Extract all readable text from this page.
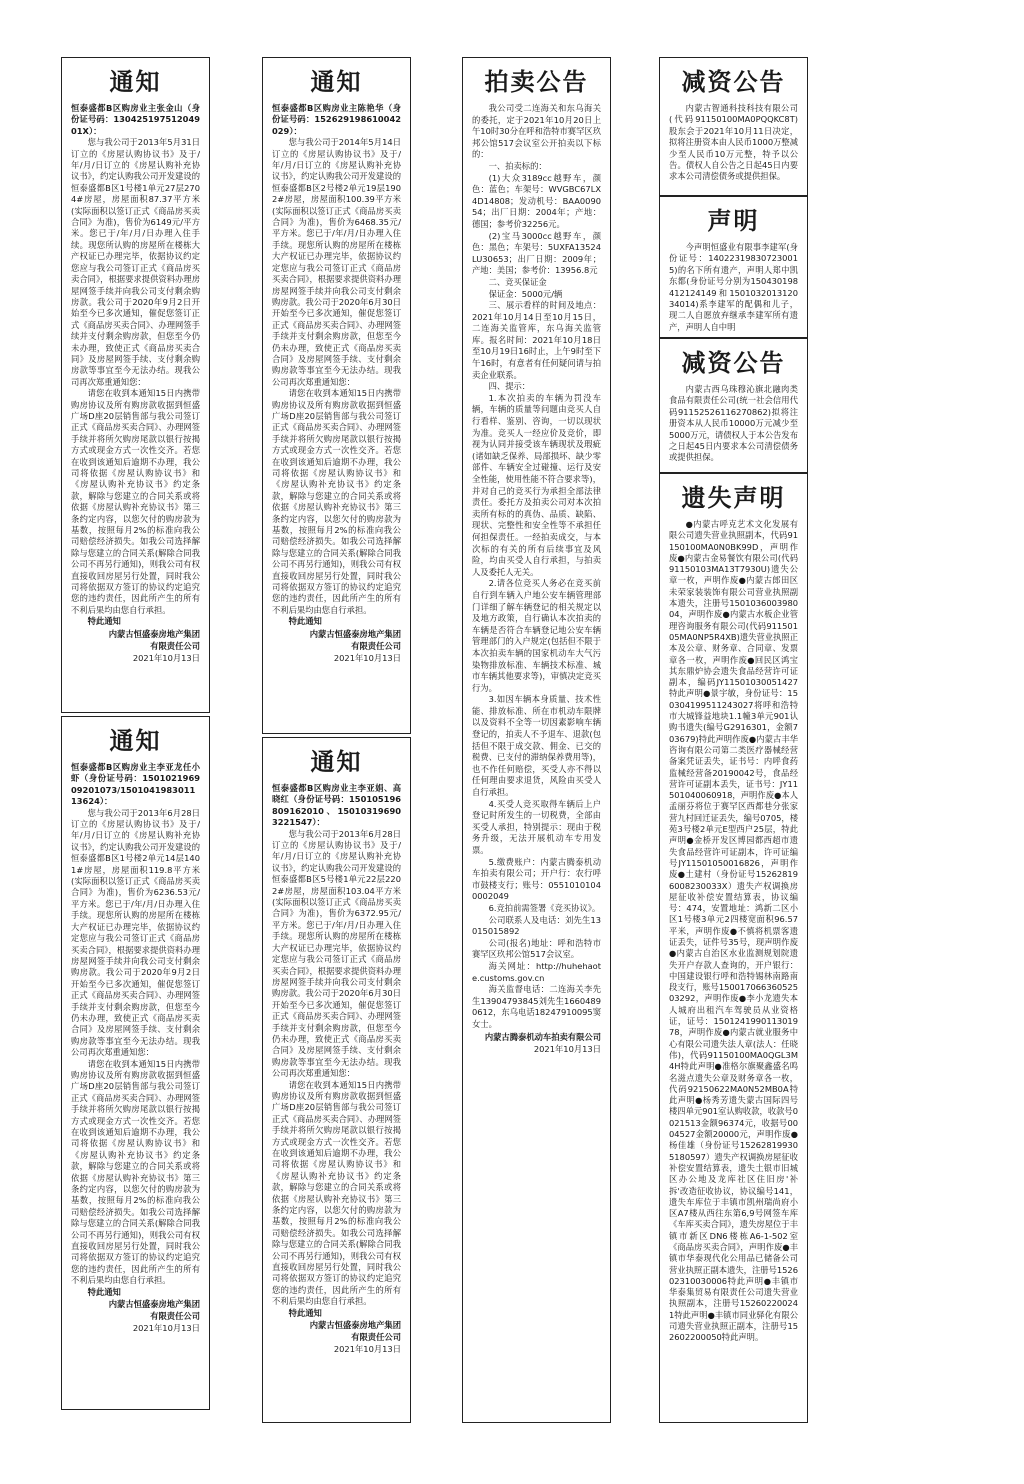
通知

恒泰盛都B区购房业主张金山（身份证号码：130425197512049​01X）：

您与我公司于2013年5月31日订立的《房屋认购协议书》及于/年/月/日订立的《房屋认购补充协议书》，约定认购我公司开发建设的恒泰盛都B区1号楼1单元27层2704#房屋，房屋面积87.37平方米(实际面积以签订正式《商品房买卖合同》为准)，售价为6149元/平方米。您已于/年/月/日办理入住手续。现您所认购的房屋所在楼栋大产权证已办理完毕，依据协议约定您应与我公司签订正式《商品房买卖合同》，根据要求提供资料办理房屋网签手续并向我公司支付剩余购房款。我公司于2020年9月2日开始至今已多次通知，催促您签订正式《商品房买卖合同》、办理网签手续并支付剩余购房款，但您至今仍未办理，致使正式《商品房买卖合同》及房屋网签手续、支付剩余购房款等事宜至今无法办结。现我公司再次郑重通知您：

请您在收到本通知15日内携带购房协议及所有购房款收据到恒盛广场D座20层销售部与我公司签订正式《商品房买卖合同》、办理网签手续并将所欠购房尾款以银行按揭方式或现金方式一次性交齐。若您在收到该通知后逾期不办理，我公司将依据《房屋认购协议书》和《房屋认购补充协议书》约定条款，解除与您建立的合同关系或将依据《房屋认购补充协议书》第三条约定内容，以您欠付的购房款为基数，按照每月2%的标准向我公司赔偿经济损失。如我公司选择解除与您建立的合同关系(解除合同我公司不再另行通知)，则我公司有权直接收回房屋另行处置，同时我公司将依据双方签订的协议约定追究您的违约责任，因此所产生的所有不利后果均由您自行承担。

特此通知

内蒙古恒盛泰房地产集团
有限责任公司
2021年10月13日
通知

恒泰盛都B区购房业主李亚龙任小虾（身份证号码：150102196909201073/150104198301113624）：

您与我公司于2013年6月28日订立的《房屋认购协议书》及于/年/月/日订立的《房屋认购补充协议书》，约定认购我公司开发建设的恒泰盛都B区1号楼2单元14层1401#房屋，房屋面积119.8平方米(实际面积以签订正式《商品房买卖合同》为准)，售价为6236.53元/平方米。您已于/年/月/日办理入住手续。现您所认购的房屋所在楼栋大产权证已办理完毕，依据协议约定您应与我公司签订正式《商品房买卖合同》，根据要求提供资料办理房屋网签手续并向我公司支付剩余购房款。我公司于2020年9月2日开始至今已多次通知，催促您签订正式《商品房买卖合同》、办理网签手续并支付剩余购房款，但您至今仍未办理，致使正式《商品房买卖合同》及房屋网签手续、支付剩余购房款等事宜至今无法办结。现我公司再次郑重通知您：

请您在收到本通知15日内携带购房协议及所有购房款收据到恒盛广场D座20层销售部与我公司签订正式《商品房买卖合同》、办理网签手续并将所欠购房尾款以银行按揭方式或现金方式一次性交齐。若您在收到该通知后逾期不办理，我公司将依据《房屋认购协议书》和《房屋认购补充协议书》约定条款，解除与您建立的合同关系或将依据《房屋认购补充协议书》第三条约定内容，以您欠付的购房款为基数，按照每月2%的标准向我公司赔偿经济损失。如我公司选择解除与您建立的合同关系(解除合同我公司不再另行通知)，则我公司有权直接收回房屋另行处置，同时我公司将依据双方签订的协议约定追究您的违约责任，因此所产生的所有不利后果均由您自行承担。

特此通知

内蒙古恒盛泰房地产集团
有限责任公司
2021年10月13日
通知

恒泰盛都B区购房业主陈艳华（身份证号码：152629198610042029）：

您与我公司于2014年5月14日订立的《房屋认购协议书》及于/年/月/日订立的《房屋认购补充协议书》，约定认购我公司开发建设的恒泰盛都B区2号楼2单元19层1902#房屋，房屋面积100.39平方米(实际面积以签订正式《商品房买卖合同》为准)，售价为6468.35元/平方米。您已于/年/月/日办理入住手续。现您所认购的房屋所在楼栋大产权证已办理完毕，依据协议约定您应与我公司签订正式《商品房买卖合同》，根据要求提供资料办理房屋网签手续并向我公司支付剩余购房款。我公司于2020年6月30日开始至今已多次通知，催促您签订正式《商品房买卖合同》、办理网签手续并支付剩余购房款，但您至今仍未办理，致使正式《商品房买卖合同》及房屋网签手续、支付剩余购房款等事宜至今无法办结。现我公司再次郑重通知您：

请您在收到本通知15日内携带购房协议及所有购房款收据到恒盛广场D座20层销售部与我公司签订正式《商品房买卖合同》、办理网签手续并将所欠购房尾款以银行按揭方式或现金方式一次性交齐。若您在收到该通知后逾期不办理，我公司将依据《房屋认购协议书》和《房屋认购补充协议书》约定条款，解除与您建立的合同关系或将依据《房屋认购补充协议书》第三条约定内容，以您欠付的购房款为基数，按照每月2%的标准向我公司赔偿经济损失。如我公司选择解除与您建立的合同关系(解除合同我公司不再另行通知)，则我公司有权直接收回房屋另行处置，同时我公司将依据双方签订的协议约定追究您的违约责任，因此所产生的所有不利后果均由您自行承担。

特此通知

内蒙古恒盛泰房地产集团
有限责任公司
2021年10月13日
通知

恒泰盛都B区购房业主李亚娟、高晓红（身份证号码：150105196809162010、150103196903221547）：

您与我公司于2013年6月28日订立的《房屋认购协议书》及于/年/月/日订立的《房屋认购补充协议书》，约定认购我公司开发建设的恒泰盛都B区5号楼1单元22层2202#房屋，房屋面积103.04平方米(实际面积以签订正式《商品房买卖合同》为准)，售价为6372.95元/平方米。您已于/年/月/日办理入住手续。现您所认购的房屋所在楼栋大产权证已办理完毕，依据协议约定您应与我公司签订正式《商品房买卖合同》，根据要求提供资料办理房屋网签手续并向我公司支付剩余购房款。我公司于2020年6月30日开始至今已多次通知，催促您签订正式《商品房买卖合同》、办理网签手续并支付剩余购房款，但您至今仍未办理，致使正式《商品房买卖合同》及房屋网签手续、支付剩余购房款等事宜至今无法办结。现我公司再次郑重通知您：

请您在收到本通知15日内携带购房协议及所有购房款收据到恒盛广场D座20层销售部与我公司签订正式《商品房买卖合同》、办理网签手续并将所欠购房尾款以银行按揭方式或现金方式一次性交齐。若您在收到该通知后逾期不办理，我公司将依据《房屋认购协议书》和《房屋认购补充协议书》约定条款，解除与您建立的合同关系或将依据《房屋认购补充协议书》第三条约定内容，以您欠付的购房款为基数，按照每月2%的标准向我公司赔偿经济损失。如我公司选择解除与您建立的合同关系(解除合同我公司不再另行通知)，则我公司有权直接收回房屋另行处置，同时我公司将依据双方签订的协议约定追究您的违约责任，因此所产生的所有不利后果均由您自行承担。

特此通知

内蒙古恒盛泰房地产集团
有限责任公司
2021年10月13日
拍卖公告

我公司受二连海关和东乌海关的委托，定于2021年10月20日上午10时30分在呼和浩特市赛罕区玖邦公馆517会议室公开拍卖以下标的：

一、拍卖标的：

(1)大众3189cc越野车，颜色：蓝色；车架号：WVGBC67LX4D14808；发动机号：BAA009054；出厂日期：2004年；产地：德国；参考价32256元。

(2)宝马3000cc越野车，颜色：黑色；车架号：5UXFA13524LU30653；出厂日期：2009年；产地：美国；参考价：13956.8元

二、竞买保证金

保证金：5000元/辆

三、展示看样的时间及地点：2021年10月14日至10月15日，二连海关监管库，东乌海关监管库。报名时间：2021年10月18日至10月19日16时止，上午9时至下午16时，有意者有任何疑问请与拍卖企业联系。

四、提示：

1.本次拍卖的车辆为罚没车辆，车辆的质量等问题由竞买人自行看样、鉴别、咨询，一切以现状为准。竞买人一经应价及竞价，即视为认同并接受该车辆现状及瑕疵(诸如缺乏保养、局部损坏、缺少零部件、车辆安全过碰撞、运行及安全性能，使用性能不符合要求等)，并对自己的竞买行为承担全部法律责任。委托方及拍卖公司对本次拍卖所有标的的真伪、品质、缺陷、现状、完整性和安全性等不承担任何担保责任。一经拍卖成交，与本次标的有关的所有后续事宜及风险，均由买受人自行承担，与拍卖人及委托人无关。

2.请各位竞买人务必在竞买前自行到车辆入户地公安车辆管理部门详细了解车辆登记的相关规定以及地方政策，自行确认本次拍卖的车辆是否符合车辆登记地公安车辆管理部门的入户规定(包括但不限于本次拍卖车辆的国家机动车大气污染物排放标准、车辆技术标准、城市车辆其他要求等)，审慎决定竞买行为。

3.如因车辆本身质量、技术性能、排放标准、所在市机动车限牌以及资料不全等一切因素影响车辆登记的，拍卖人不予退车、退款(包括但不限于成交款、佣金、已交的税费、已支付的滞纳保养费用等)，也不作任何赔偿，买受人亦不得以任何理由要求退货，风险由买受人自行承担。

4.买受人竞买取得车辆后上户登记时所发生的一切税费，全部由买受人承担，特别提示：现由于税务升级，无法开展机动车专用发票。

5.缴费账户：内蒙古腾泰机动车拍卖有限公司；开户行：农行呼市鼓楼支行；账号：05510101040002049

6.竞拍前需签署《竞买协议》。

公司联系人及电话：刘先生13015015892

公司(报名)地址：呼和浩特市赛罕区玖邦公馆517会议室。

海关网址：http://huhehaote.customs.gov.cn

海关监督电话：二连海关李先生13904793845刘先生16604890612，东乌电话18247910095窦女士。

内蒙古腾泰机动车拍卖有限公司
2021年10月13日
减资公告

内蒙古智通科技科技有限公司(代码91150100MA0PQQKC8T)股东会于2021年10月11日决定，拟将注册资本由人民币1000万整减少至人民币10万元整，特予以公告。债权人自公告之日起45日内要求本公司清偿债务或提供担保。

声明

今声明恒盛业有限事李建军(身份证号：140223198307230015)的名下所有遗产，声明人郑中凯东都(身份证号分别为150430198412124149和150103201312034014)系李建军的配偶和儿子，现二人自愿放弃继承李建军所有遗产，声明人自中明

减资公告

内蒙古西乌珠穆沁旗北融肉类食品有限责任公司(统一社会信用代码91152526116270862)拟将注册资本从人民币10000万元减少至5000万元，请债权人于本公告发布之日起45日内要求本公司清偿债务或提供担保。

遗失声明

●内蒙古呼克艺术文化发展有限公司遗失营业执照副本，代码91150100MA0N0BK99D，声明作废●内蒙古金易餐饮有限公司(代码91150103MA13T7930U)遗失公章一枚，声明作废●内蒙古郎田区未荣家装装饰有限公司营业执照副本遗失，注册号150103600398004，声明作废●内蒙古水板企业管理咨询服务有限公司(代码91150105MA0NP5R4XB)遗失营业执照正本及公章、财务章、合同章、发票章各一枚，声明作废●回民区鸿宝其东鼎炉协会遗失食品经营许可证副本，编码JY11501030051427特此声明●景宇敏，身份证号：150304199511243027将呼和浩特市大城锋益地块1.1幢3单元901认购书遗失(编号G2916301，金额703679)特此声明作废●内蒙古丰华咨询有限公司第二类医疗器械经营备案凭证丢失，证书号：内呼食药监械经营备20190042号，食品经营许可证副本丢失，证书号：JY11501040060918，声明作废●本人孟丽芬将位于赛罕区西都巷分张家营九村回迁证丢失，编号0705，楼苑3号楼2单元E型西户25层，特此声明●金桥开发区博园都西超市遗失食品经营许可证副本，许可证编号JY11501050016826，声明作废●土建村（身份证号152628196008230033X）遗失产权调换房屋征收补偿安置结算表，协议编号：474，安置地址：鸿新二区小区1号楼3单元2四楼宽面积96.57平米，声明作废●不慎将机票客遗证丢失，证件号35号，现声明作废●内蒙古自治区水业监测规划院遗失开户存款人查询的，开户银行：中国建设银行呼和浩特锡林南路南段支行，账号15001706636052503292，声明作废●李小龙遗失本人城府出租汽车驾驶员从业资格证，证号：150124199011301978，声明作废●内蒙古就业服务中心有限公司遗失法人章(法人：任晓伟)，代码91150100MA0QGL3M4H特此声明●准格尔旗聚鑫盛名鸣名滋点遗失公章及财务章各一枚，代码92150622MA0N52MB0A特此声明●杨秀芳遗失蒙古国际四号楼四单元901室认购收款，收款号0021513金额96374元，收据号0004527金额20000元，声明作废●杨佳雄（身份证号152628199305180597）遗失产权调换房屋征收补偿安置结算表，遗失土银市旧城区办公地及龙库社区住旧房'补拆'改造征收协议，协议编号141，遗失车库位于丰镇市凯州瑞尚府小区A7楼从西往东第6,9号网签车库《车库买卖合同》，遗失房屋位于丰镇市新区DN6楼栋A6-1-502室《商品房买卖合同》，声明作废●丰镇市华泰现代化公用品已储备公司营业执照正副本遗失，注册号152602310030006特此声明●丰镇市华泰集贸易有限责任公司遗失营业执照副本，注册号152602200241特此声明●丰镇市同业驿化有限公司遗失营业执照正副本，注册号152602200050特此声明。
